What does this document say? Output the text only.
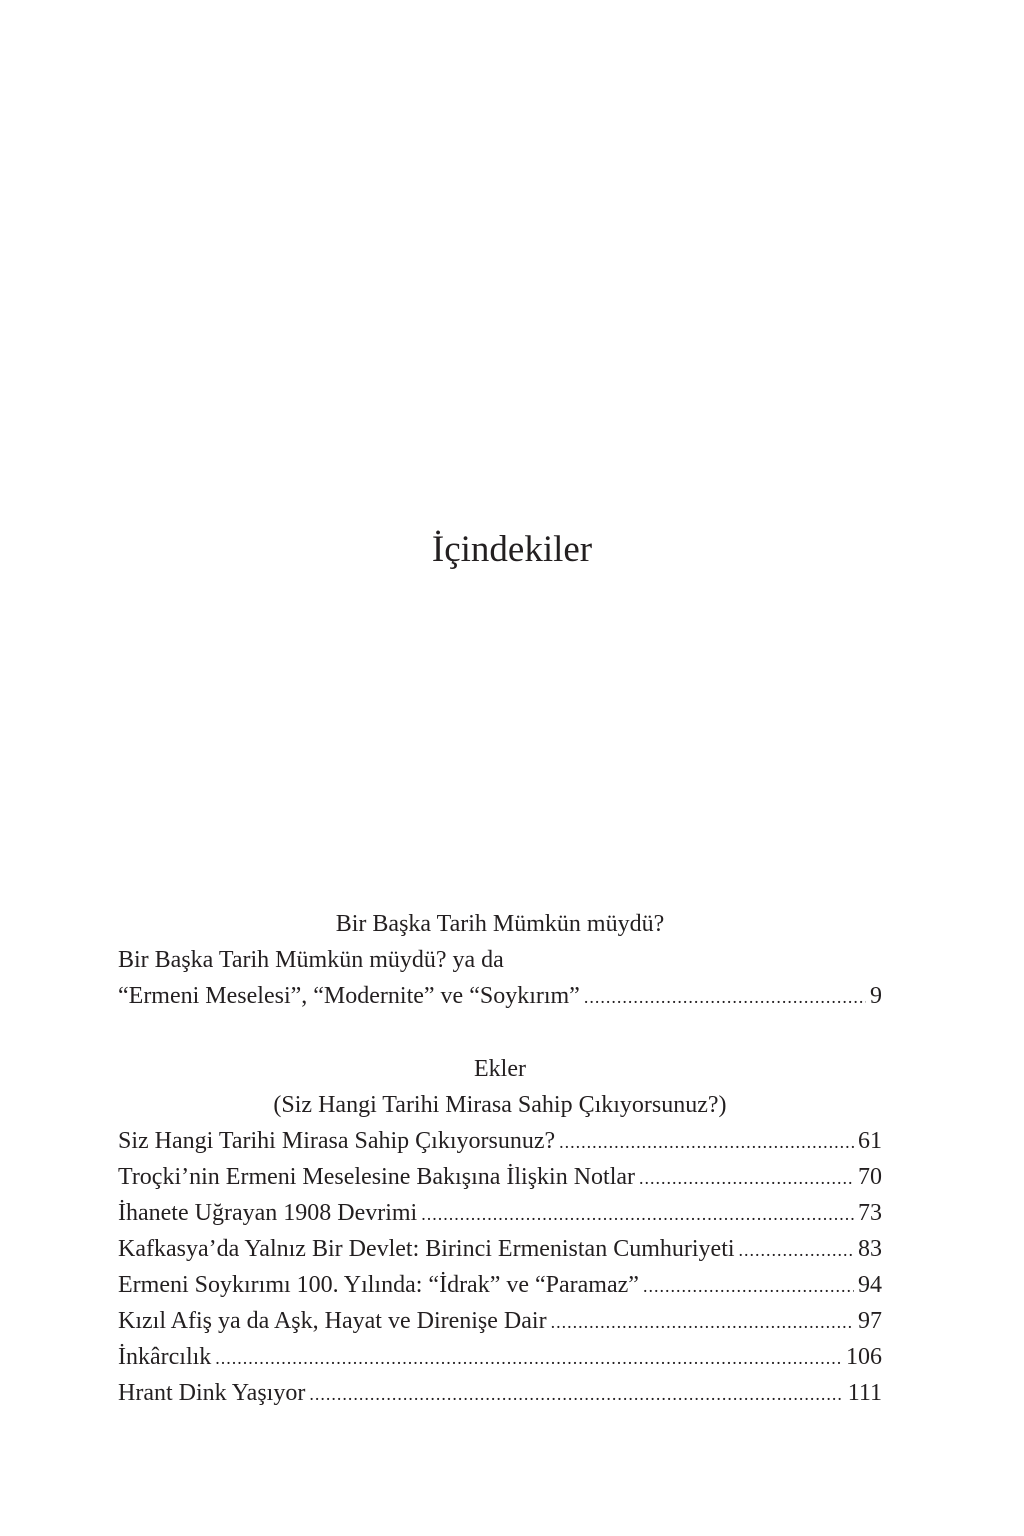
İçindekiler
Bir Başka Tarih Mümkün müydü?
Bir Başka Tarih Mümkün müydü? ya da
“Ermeni Meselesi”, “Modernite” ve “Soykırım” .....	9
Ekler
(Siz Hangi Tarihi Mirasa Sahip Çıkıyorsunuz?)
Siz Hangi Tarihi Mirasa Sahip Çıkıyorsunuz? .....	61
Troçki’nin Ermeni Meselesine Bakışına İlişkin Notlar .....	70
İhanete Uğrayan 1908 Devrimi .....	73
Kafkasya’da Yalnız Bir Devlet: Birinci Ermenistan Cumhuriyeti .....	83
Ermeni Soykırımı 100. Yılında: “İdrak” ve “Paramaz” .....	94
Kızıl Afiş ya da Aşk, Hayat ve Direnişe Dair .....	97
İnkârcılık .....	106
Hrant Dink Yaşıyor .....	111
